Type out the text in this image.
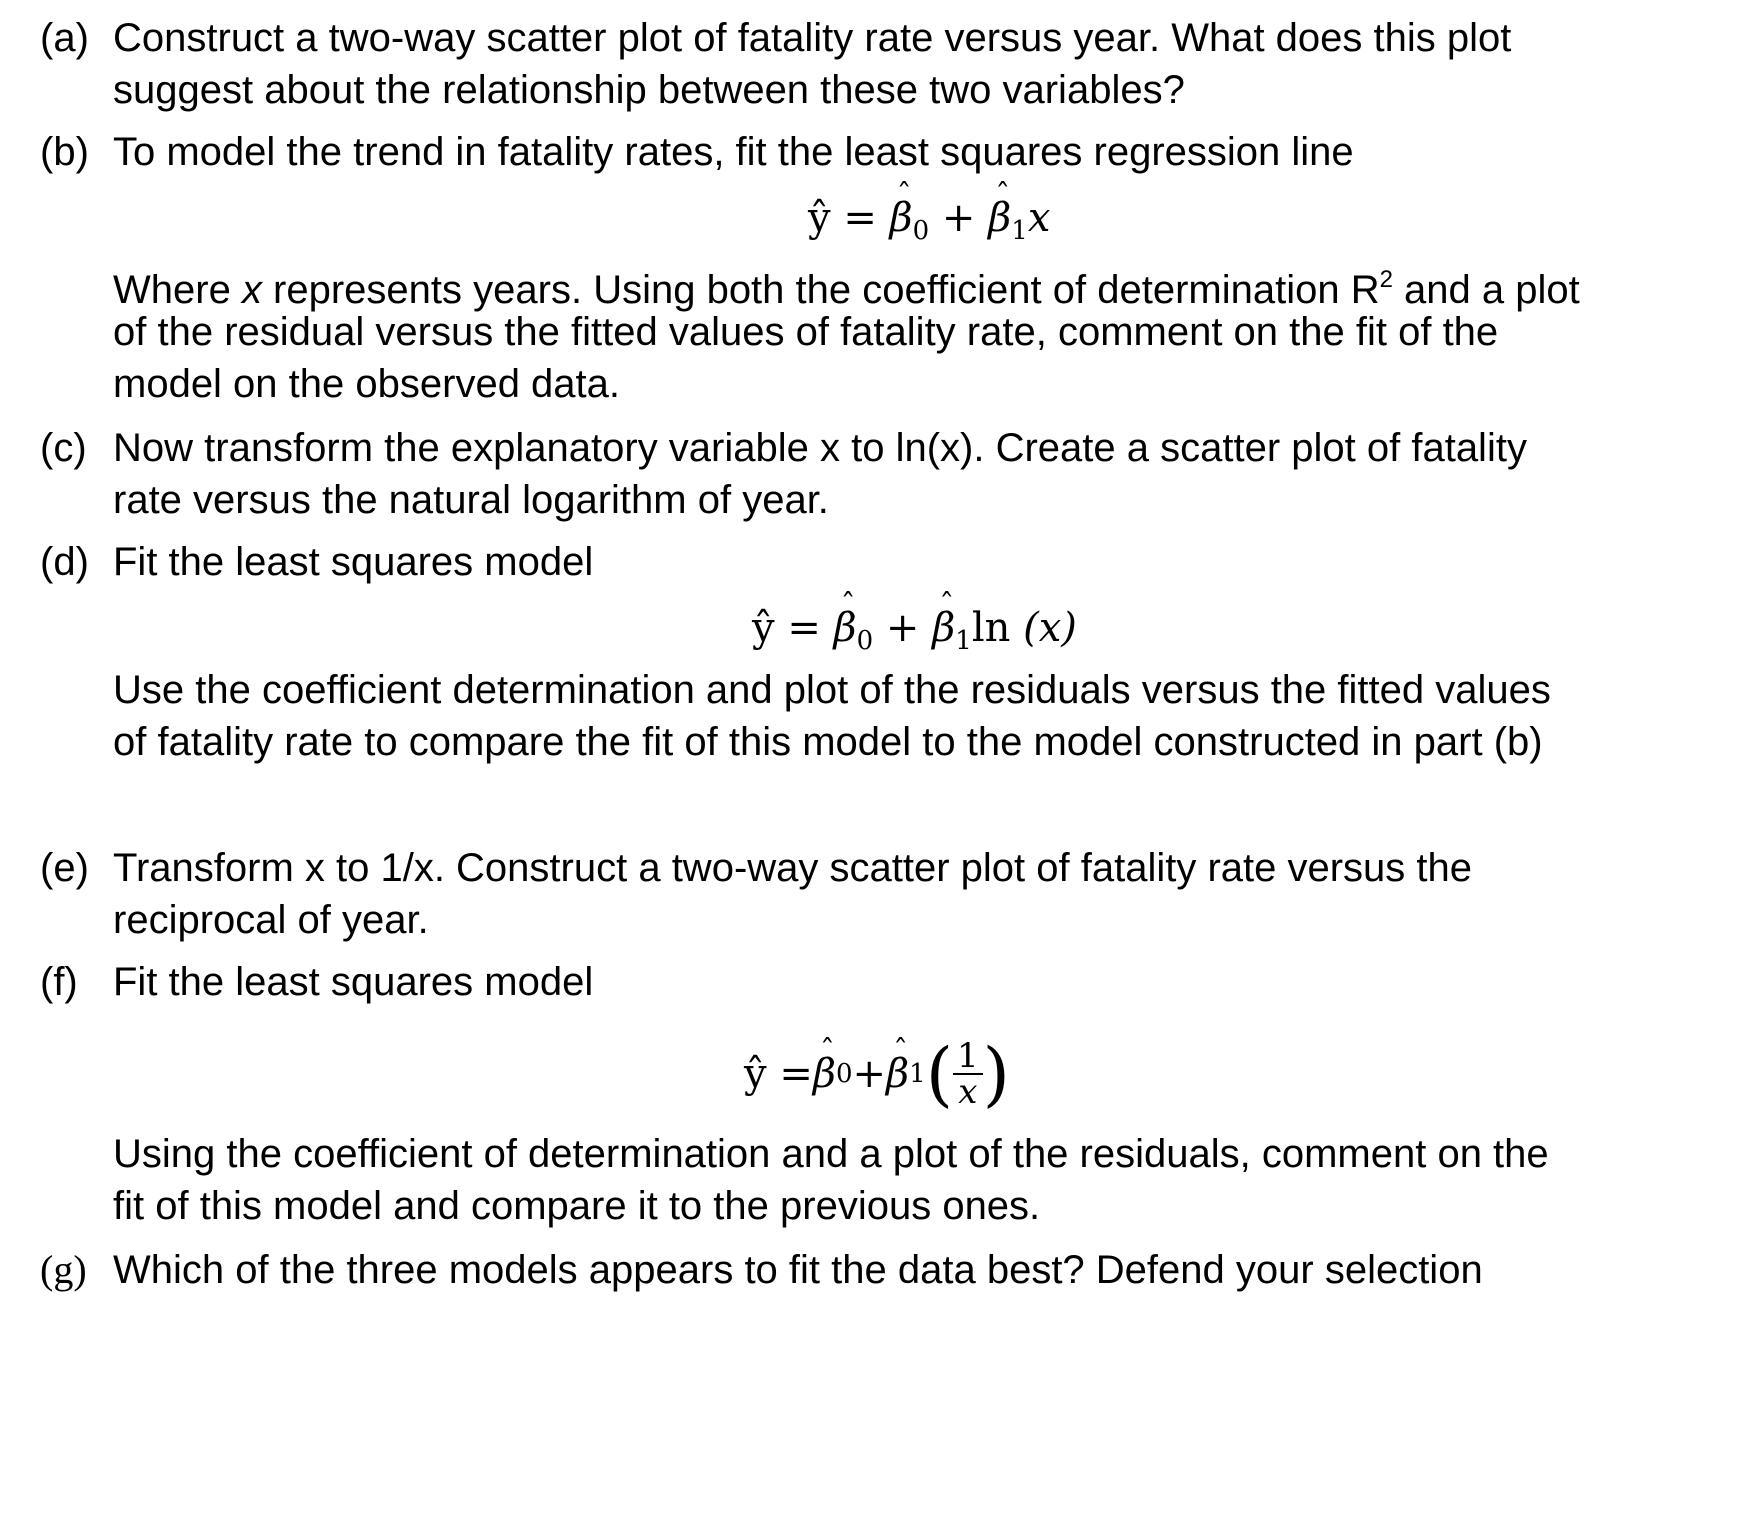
(a) Construct a two-way scatter plot of fatality rate versus year. What does this plot
suggest about the relationship between these two variables?
(b) To model the trend in fatality rates, fit the least squares regression line
ŷ = β ˆ$_0$ + β ˆ$_1$x
Where x represents years. Using both the coefficient of determination $R^2$ and a plot
of the residual versus the fitted values of fatality rate, comment on the fit of the
model on the observed data.
(c) Now transform the explanatory variable x to ln(x). Create a scatter plot of fatality
rate versus the natural logarithm of year.
(d) Fit the least squares model
ŷ = β ˆ$_0$ + β ˆ$_1$ln (x)
Use the coefficient determination and plot of the residuals versus the fitted values
of fatality rate to compare the fit of this model to the model constructed in part (b)
(e) Transform x to 1/x. Construct a two-way scatter plot of fatality rate versus the
reciprocal of year.
(f) Fit the least squares model
ŷ = β ˆ 0 + β ˆ 1 ( $\frac{1}{x}$ )
Using the coefficient of determination and a plot of the residuals, comment on the
fit of this model and compare it to the previous ones.
(g) Which of the three models appears to fit the data best? Defend your selection
